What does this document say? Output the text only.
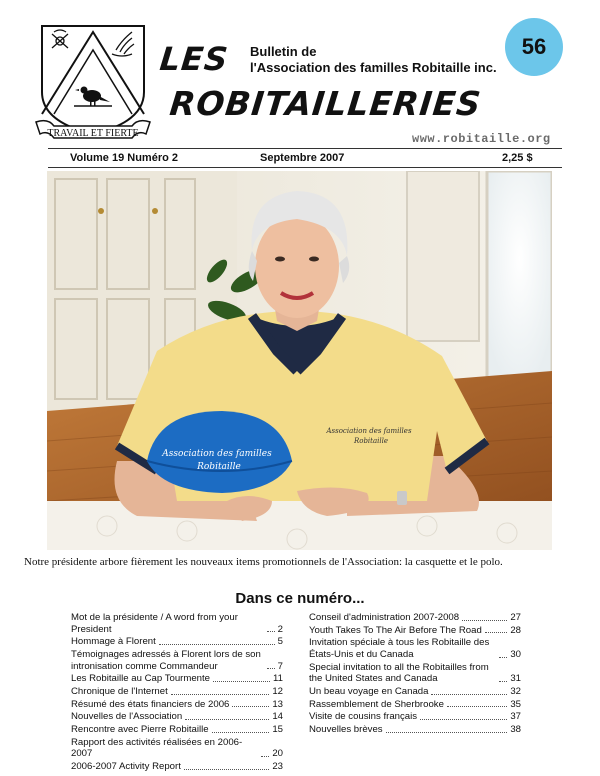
TRAVAIL ET FIERTE
Bulletin de
l'Association des familles Robitaille inc.
LES
ROBITAILLERIES
56
www.robitaille.org
Volume 19 Numéro 2	Septembre 2007	2,25 $
Association des familles
Robitaille
Association des familles
Robitaille
Notre présidente arbore fièrement les nouveaux items promotionnels de l'Association: la casquette et le polo.
Dans ce numéro...
Mot de la présidente / A word from your President	2
Hommage à Florent	5
Témoignages adressés à Florent lors de son intronisation comme Commandeur	7
Les Robitaille au Cap Tourmente	11
Chronique de l'Internet	12
Résumé des états financiers de 2006	13
Nouvelles de l'Association	14
Rencontre avec Pierre Robitaille	15
Rapport des activités réalisées en 2006-2007	20
2006-2007 Activity Report	23
Conseil d'administration 2007-2008	27
Youth Takes To The Air Before The Road	28
Invitation spéciale à tous les Robitaille des États-Unis et du Canada	30
Special invitation to all the Robitailles from the United States and Canada	31
Un beau voyage en Canada	32
Rassemblement de Sherbrooke	35
Visite de cousins français	37
Nouvelles brèves	38
